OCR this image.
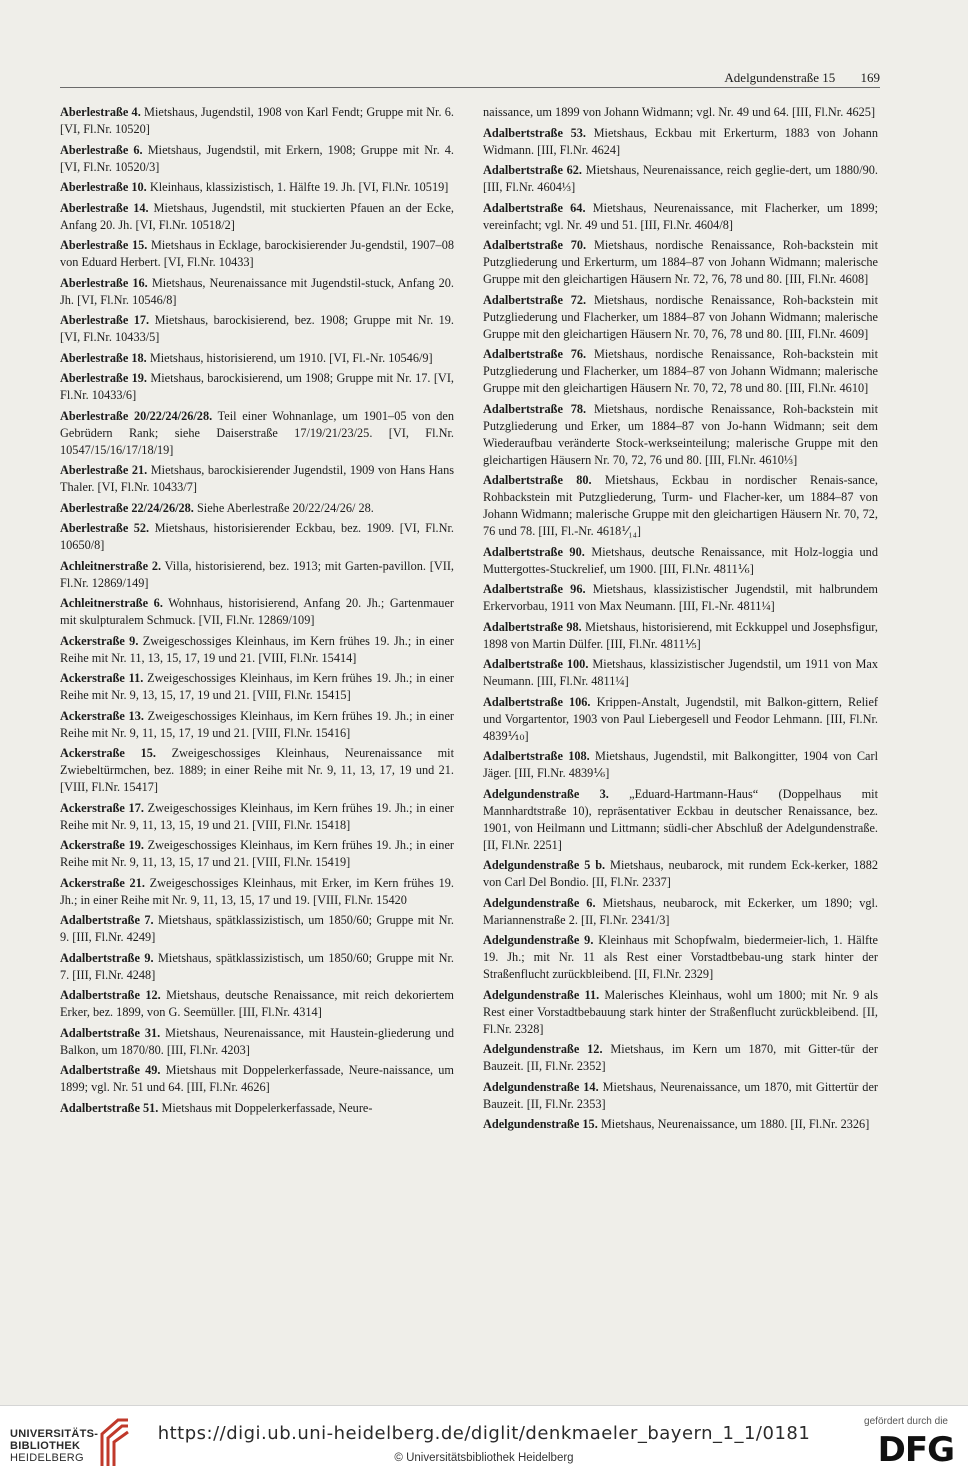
Adelgundenstraße 15 169

Aberlestraße 4. Mietshaus, Jugendstil, 1908 von Karl Fendt; Gruppe mit Nr. 6. [VI, Fl.Nr. 10520]

Aberlestraße 6. Mietshaus, Jugendstil, mit Erkern, 1908; Gruppe mit Nr. 4. [VI, Fl.Nr. 10520/3]

Aberlestraße 10. Kleinhaus, klassizistisch, 1. Hälfte 19. Jh. [VI, Fl.Nr. 10519]

Aberlestraße 14. Mietshaus, Jugendstil, mit stuckierten Pfauen an der Ecke, Anfang 20. Jh. [VI, Fl.Nr. 10518/2]

Aberlestraße 15. Mietshaus in Ecklage, barockisierender Ju-gendstil, 1907–08 von Eduard Herbert. [VI, Fl.Nr. 10433]

Aberlestraße 16. Mietshaus, Neurenaissance mit Jugendstil-stuck, Anfang 20. Jh. [VI, Fl.Nr. 10546/8]

Aberlestraße 17. Mietshaus, barockisierend, bez. 1908; Gruppe mit Nr. 19. [VI, Fl.Nr. 10433/5]

Aberlestraße 18. Mietshaus, historisierend, um 1910. [VI, Fl.-Nr. 10546/9]

Aberlestraße 19. Mietshaus, barockisierend, um 1908; Gruppe mit Nr. 17. [VI, Fl.Nr. 10433/6]

Aberlestraße 20/22/24/26/28. Teil einer Wohnanlage, um 1901–05 von den Gebrüdern Rank; siehe Daiserstraße 17/19/21/23/25. [VI, Fl.Nr. 10547/15/16/17/18/19]

Aberlestraße 21. Mietshaus, barockisierender Jugendstil, 1909 von Hans Hans Thaler. [VI, Fl.Nr. 10433/7]

Aberlestraße 22/24/26/28. Siehe Aberlestraße 20/22/24/26/ 28.

Aberlestraße 52. Mietshaus, historisierender Eckbau, bez. 1909. [VI, Fl.Nr. 10650/8]

Achleitnerstraße 2. Villa, historisierend, bez. 1913; mit Garten-pavillon. [VII, Fl.Nr. 12869/149]

Achleitnerstraße 6. Wohnhaus, historisierend, Anfang 20. Jh.; Gartenmauer mit skulpturalem Schmuck. [VII, Fl.Nr. 12869/109]

Ackerstraße 9. Zweigeschossiges Kleinhaus, im Kern frühes 19. Jh.; in einer Reihe mit Nr. 11, 13, 15, 17, 19 und 21. [VIII, Fl.Nr. 15414]

Ackerstraße 11. Zweigeschossiges Kleinhaus, im Kern frühes 19. Jh.; in einer Reihe mit Nr. 9, 13, 15, 17, 19 und 21. [VIII, Fl.Nr. 15415]

Ackerstraße 13. Zweigeschossiges Kleinhaus, im Kern frühes 19. Jh.; in einer Reihe mit Nr. 9, 11, 15, 17, 19 und 21. [VIII, Fl.Nr. 15416]

Ackerstraße 15. Zweigeschossiges Kleinhaus, Neurenaissance mit Zwiebeltürmchen, bez. 1889; in einer Reihe mit Nr. 9, 11, 13, 17, 19 und 21. [VIII, Fl.Nr. 15417]

Ackerstraße 17. Zweigeschossiges Kleinhaus, im Kern frühes 19. Jh.; in einer Reihe mit Nr. 9, 11, 13, 15, 19 und 21. [VIII, Fl.Nr. 15418]

Ackerstraße 19. Zweigeschossiges Kleinhaus, im Kern frühes 19. Jh.; in einer Reihe mit Nr. 9, 11, 13, 15, 17 und 21. [VIII, Fl.Nr. 15419]

Ackerstraße 21. Zweigeschossiges Kleinhaus, mit Erker, im Kern frühes 19. Jh.; in einer Reihe mit Nr. 9, 11, 13, 15, 17 und 19. [VIII, Fl.Nr. 15420

Adalbertstraße 7. Mietshaus, spätklassizistisch, um 1850/60; Gruppe mit Nr. 9. [III, Fl.Nr. 4249]

Adalbertstraße 9. Mietshaus, spätklassizistisch, um 1850/60; Gruppe mit Nr. 7. [III, Fl.Nr. 4248]

Adalbertstraße 12. Mietshaus, deutsche Renaissance, mit reich dekoriertem Erker, bez. 1899, von G. Seemüller. [III, Fl.Nr. 4314]

Adalbertstraße 31. Mietshaus, Neurenaissance, mit Haustein-gliederung und Balkon, um 1870/80. [III, Fl.Nr. 4203]

Adalbertstraße 49. Mietshaus mit Doppelerkerfassade, Neure-naissance, um 1899; vgl. Nr. 51 und 64. [III, Fl.Nr. 4626]

Adalbertstraße 51. Mietshaus mit Doppelerkerfassade, Neure-

naissance, um 1899 von Johann Widmann; vgl. Nr. 49 und 64. [III, Fl.Nr. 4625]

Adalbertstraße 53. Mietshaus, Eckbau mit Erkerturm, 1883 von Johann Widmann. [III, Fl.Nr. 4624]

Adalbertstraße 62. Mietshaus, Neurenaissance, reich geglie-dert, um 1880/90. [III, Fl.Nr. 4604⅓]

Adalbertstraße 64. Mietshaus, Neurenaissance, mit Flacherker, um 1899; vereinfacht; vgl. Nr. 49 und 51. [III, Fl.Nr. 4604/8]

Adalbertstraße 70. Mietshaus, nordische Renaissance, Roh-backstein mit Putzgliederung und Erkerturm, um 1884–87 von Johann Widmann; malerische Gruppe mit den gleichartigen Häusern Nr. 72, 76, 78 und 80. [III, Fl.Nr. 4608]

Adalbertstraße 72. Mietshaus, nordische Renaissance, Roh-backstein mit Putzgliederung und Flacherker, um 1884–87 von Johann Widmann; malerische Gruppe mit den gleichartigen Häusern Nr. 70, 76, 78 und 80. [III, Fl.Nr. 4609]

Adalbertstraße 76. Mietshaus, nordische Renaissance, Roh-backstein mit Putzgliederung und Flacherker, um 1884–87 von Johann Widmann; malerische Gruppe mit den gleichartigen Häusern Nr. 70, 72, 78 und 80. [III, Fl.Nr. 4610]

Adalbertstraße 78. Mietshaus, nordische Renaissance, Roh-backstein mit Putzgliederung und Erker, um 1884–87 von Jo-hann Widmann; seit dem Wiederaufbau veränderte Stock-werkseinteilung; malerische Gruppe mit den gleichartigen Häusern Nr. 70, 72, 76 und 80. [III, Fl.Nr. 4610⅓]

Adalbertstraße 80. Mietshaus, Eckbau in nordischer Renais-sance, Rohbackstein mit Putzgliederung, Turm- und Flacher-ker, um 1884–87 von Johann Widmann; malerische Gruppe mit den gleichartigen Häusern Nr. 70, 72, 76 und 78. [III, Fl.-Nr. 4618⅟₁₄]

Adalbertstraße 90. Mietshaus, deutsche Renaissance, mit Holz-loggia und Muttergottes-Stuckrelief, um 1900. [III, Fl.Nr. 4811⅙]

Adalbertstraße 96. Mietshaus, klassizistischer Jugendstil, mit halbrundem Erkervorbau, 1911 von Max Neumann. [III, Fl.-Nr. 4811¼]

Adalbertstraße 98. Mietshaus, historisierend, mit Eckkuppel und Josephsfigur, 1898 von Martin Dülfer. [III, Fl.Nr. 4811⅕]

Adalbertstraße 100. Mietshaus, klassizistischer Jugendstil, um 1911 von Max Neumann. [III, Fl.Nr. 4811¼]

Adalbertstraße 106. Krippen-Anstalt, Jugendstil, mit Balkon-gittern, Relief und Vorgartentor, 1903 von Paul Liebergesell und Feodor Lehmann. [III, Fl.Nr. 4839⅒]

Adalbertstraße 108. Mietshaus, Jugendstil, mit Balkongitter, 1904 von Carl Jäger. [III, Fl.Nr. 4839⅙]

Adelgundenstraße 3. „Eduard-Hartmann-Haus“ (Doppelhaus mit Mannhardtstraße 10), repräsentativer Eckbau in deutscher Renaissance, bez. 1901, von Heilmann und Littmann; südli-cher Abschluß der Adelgundenstraße. [II, Fl.Nr. 2251]

Adelgundenstraße 5 b. Mietshaus, neubarock, mit rundem Eck-kerker, 1882 von Carl Del Bondio. [II, Fl.Nr. 2337]

Adelgundenstraße 6. Mietshaus, neubarock, mit Eckerker, um 1890; vgl. Mariannenstraße 2. [II, Fl.Nr. 2341/3]

Adelgundenstraße 9. Kleinhaus mit Schopfwalm, biedermeier-lich, 1. Hälfte 19. Jh.; mit Nr. 11 als Rest einer Vorstadtbebau-ung stark hinter der Straßenflucht zurückbleibend. [II, Fl.Nr. 2329]

Adelgundenstraße 11. Malerisches Kleinhaus, wohl um 1800; mit Nr. 9 als Rest einer Vorstadtbebauung stark hinter der Straßenflucht zurückbleibend. [II, Fl.Nr. 2328]

Adelgundenstraße 12. Mietshaus, im Kern um 1870, mit Gitter-tür der Bauzeit. [II, Fl.Nr. 2352]

Adelgundenstraße 14. Mietshaus, Neurenaissance, um 1870, mit Gittertür der Bauzeit. [II, Fl.Nr. 2353]

Adelgundenstraße 15. Mietshaus, Neurenaissance, um 1880. [II, Fl.Nr. 2326]

UNIVERSITÄTS-
BIBLIOTHEK
HEIDELBERG
https://digi.ub.uni-heidelberg.de/diglit/denkmaeler_bayern_1_1/0181
© Universitätsbibliothek Heidelberg
gefördert durch die
DFG
